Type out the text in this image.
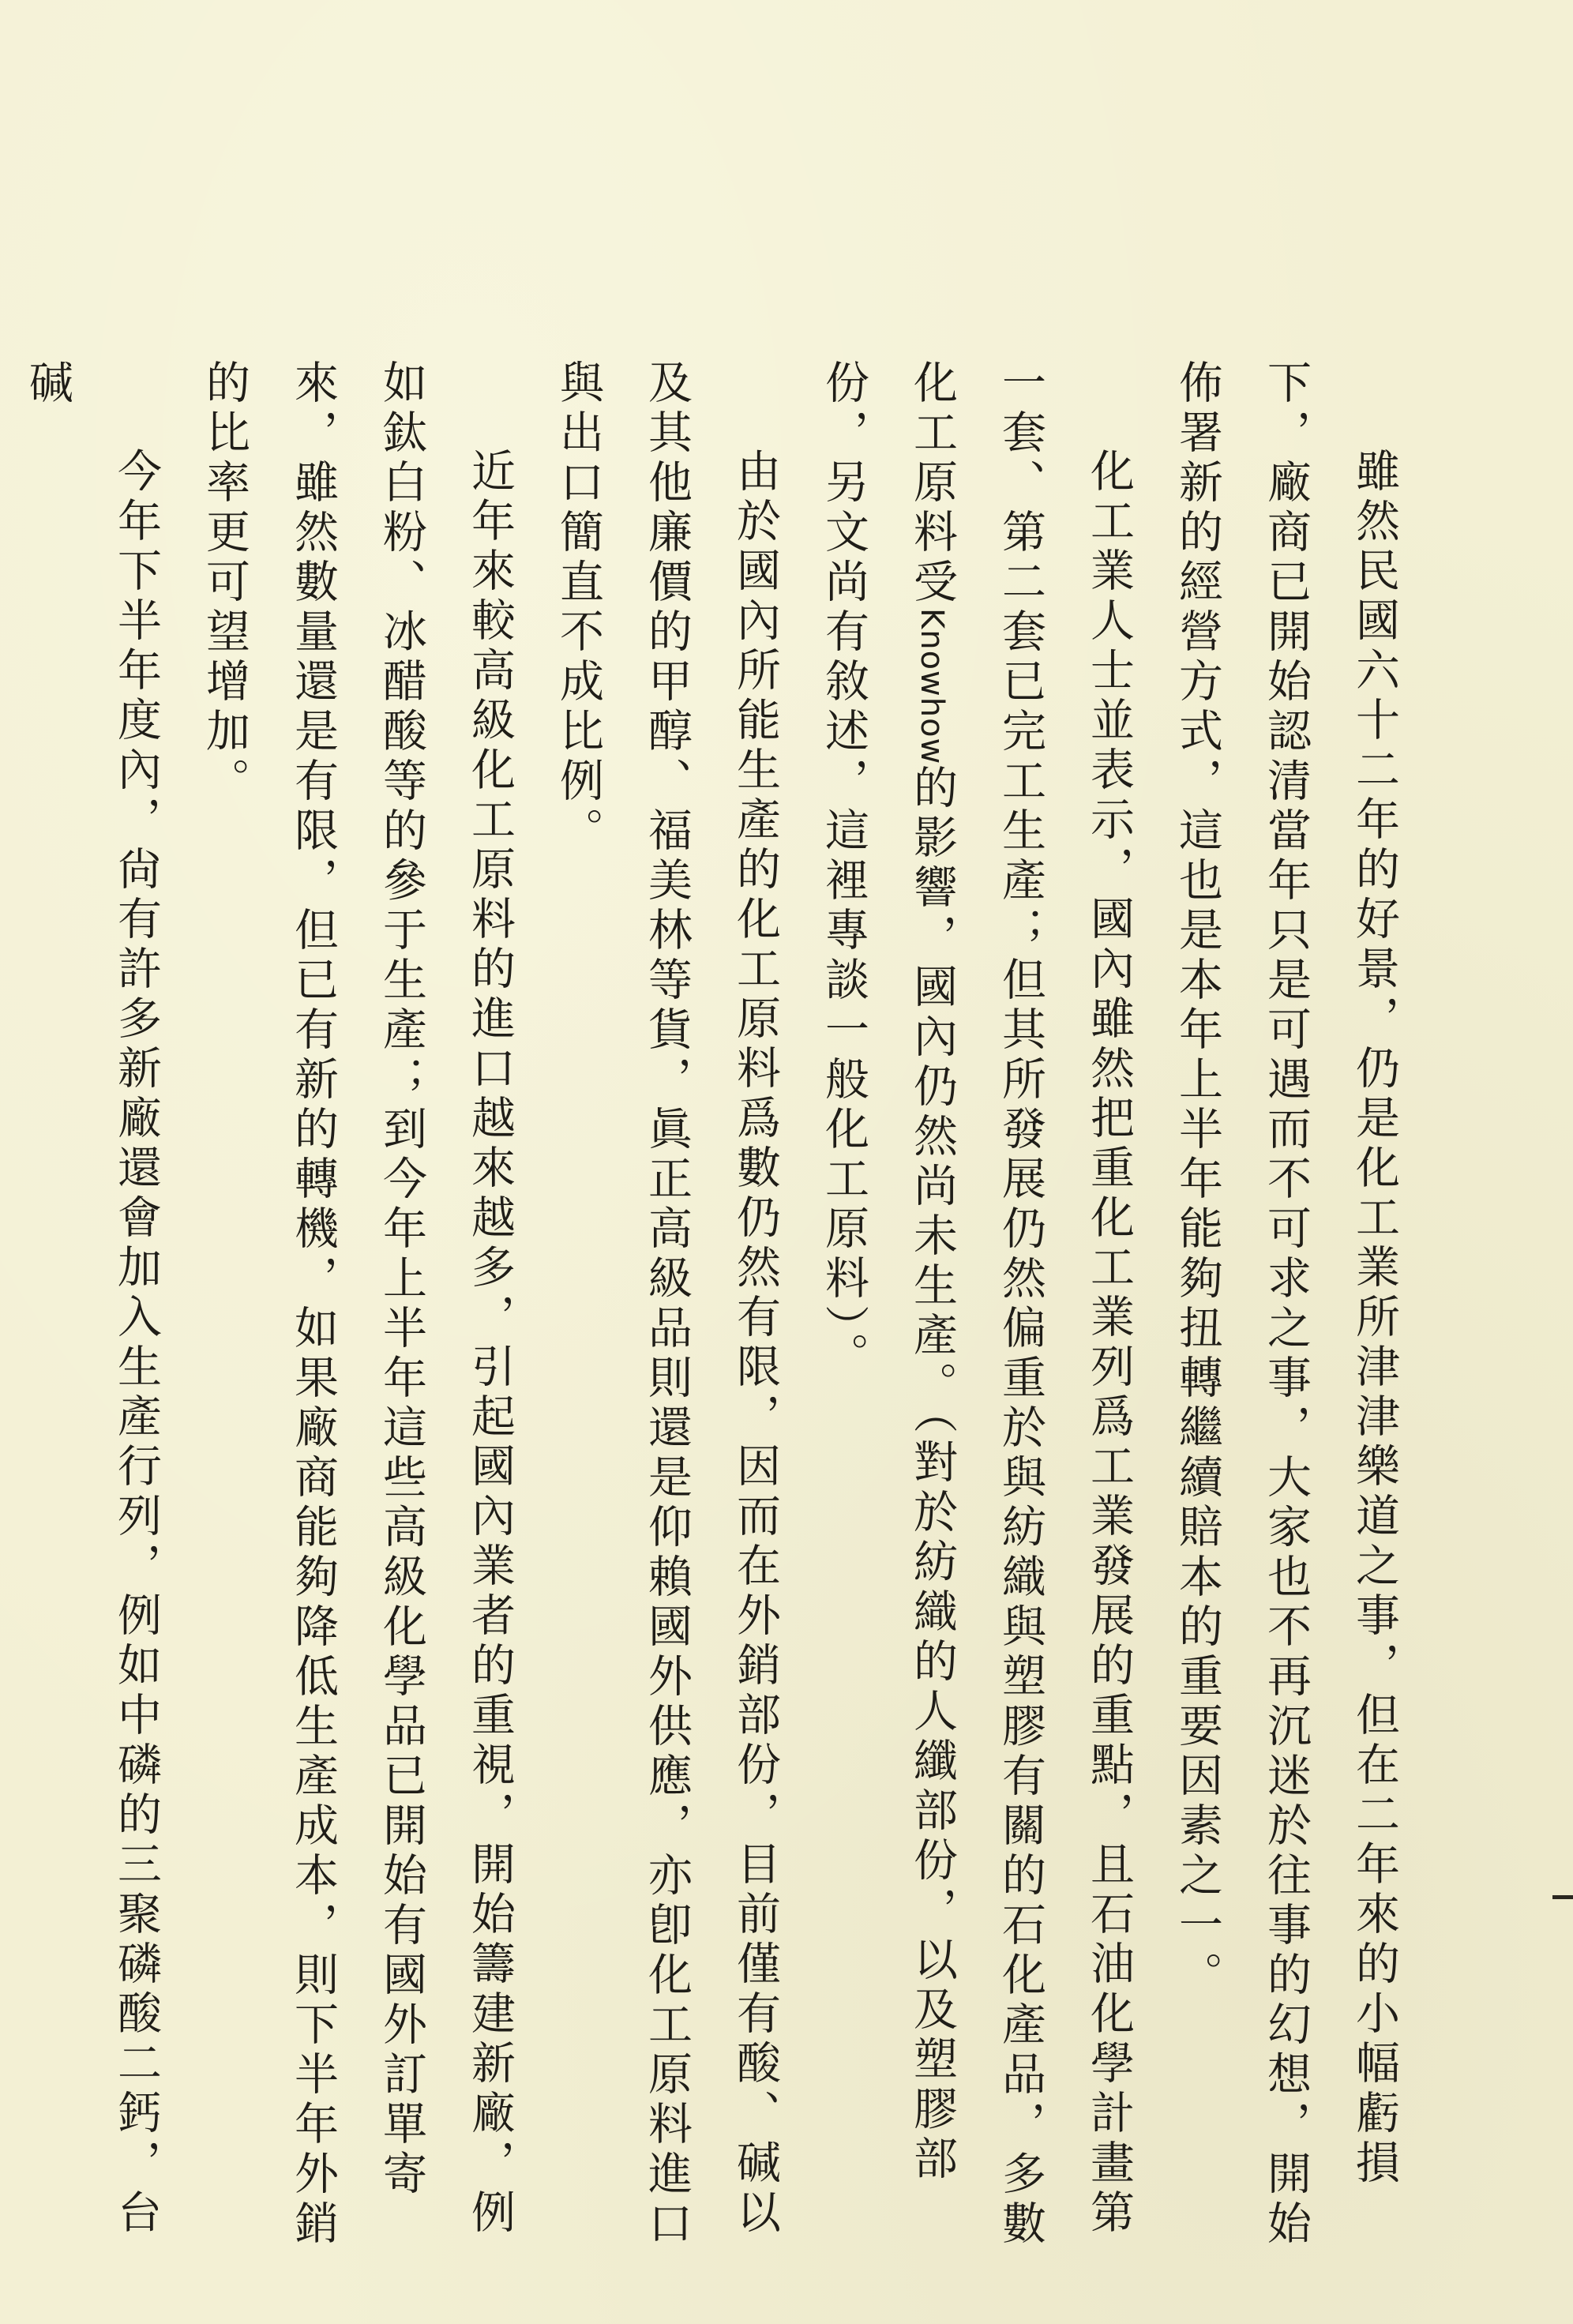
雖然民國六十二年的好景，仍是化工業所津津樂道之事，但在二年來的小幅虧損下，廠商已開始認清當年只是可遇而不可求之事，大家也不再沉迷於往事的幻想，開始佈署新的經營方式，這也是本年上半年能夠扭轉繼續賠本的重要因素之一。

化工業人士並表示，國內雖然把重化工業列爲工業發展的重點，且石油化學計畫第一套、第二套已完工生產；但其所發展仍然偏重於與紡織與塑膠有關的石化產品，多數化工原料受Knowhow的影響，國內仍然尚未生產。（對於紡織的人纖部份，以及塑膠部份，另文尚有敘述，這裡專談一般化工原料）。

由於國內所能生產的化工原料爲數仍然有限，因而在外銷部份，目前僅有酸、碱以及其他廉價的甲醇、福美林等貨，眞正高級品則還是仰賴國外供應，亦卽化工原料進口與出口簡直不成比例。

近年來較高級化工原料的進口越來越多，引起國內業者的重視，開始籌建新廠，例如鈦白粉、冰醋酸等的參于生產；到今年上半年這些高級化學品已開始有國外訂單寄來，雖然數量還是有限，但已有新的轉機，如果廠商能夠降低生產成本，則下半年外銷的比率更可望增加。

今年下半年度內，尙有許多新廠還會加入生產行列，例如中磷的三聚磷酸二鈣，台碱
